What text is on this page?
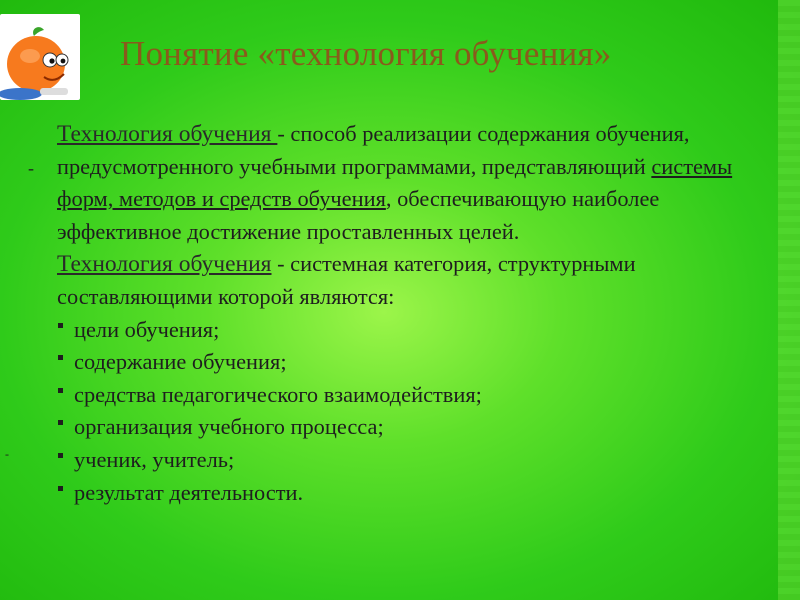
Понятие «технология обучения»
-
-

Технология обучения - способ реализации содержания обучения, предусмотренного учебными программами, представляющий системы форм, методов и средств обучения, обеспечивающую наиболее эффективное достижение проставленных целей.

Технология обучения - системная категория, структурными составляющими которой являются:

цели обучения;
содержание обучения;
средства педагогического взаимодействия;
организация учебного процесса;
ученик, учитель;
результат деятельности.
